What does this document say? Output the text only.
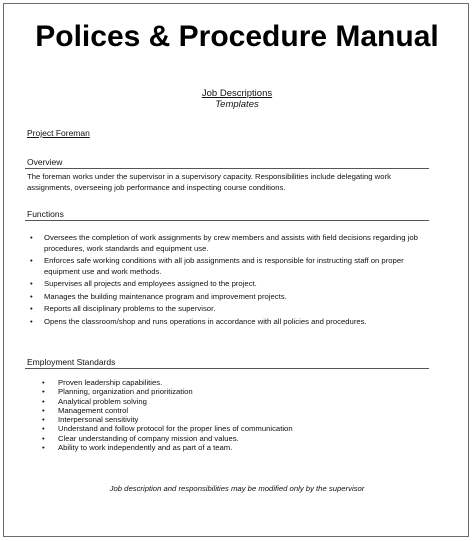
Polices & Procedure Manual
Job Descriptions
Templates
Project Foreman
Overview
The foreman works under the supervisor in a supervisory capacity. Responsibilities include delegating work assignments, overseeing job performance and inspecting course conditions.
Functions
• Oversees the completion of work assignments by crew members and assists with field decisions regarding job procedures, work standards and equipment use.
• Enforces safe working conditions with all job assignments and is responsible for instructing staff on proper equipment use and work methods.
• Supervises all projects and employees assigned to the project.
• Manages the building maintenance program and improvement projects.
• Reports all disciplinary problems to the supervisor.
• Opens the classroom/shop and runs operations in accordance with all policies and procedures.
Employment Standards
• Proven leadership capabilities.
• Planning, organization and prioritization
• Analytical problem solving
• Management control
• Interpersonal sensitivity
• Understand and follow protocol for the proper lines of communication
• Clear understanding of company mission and values.
• Ability to work independently and as part of a team.
Job description and responsibilities may be modified only by the supervisor
